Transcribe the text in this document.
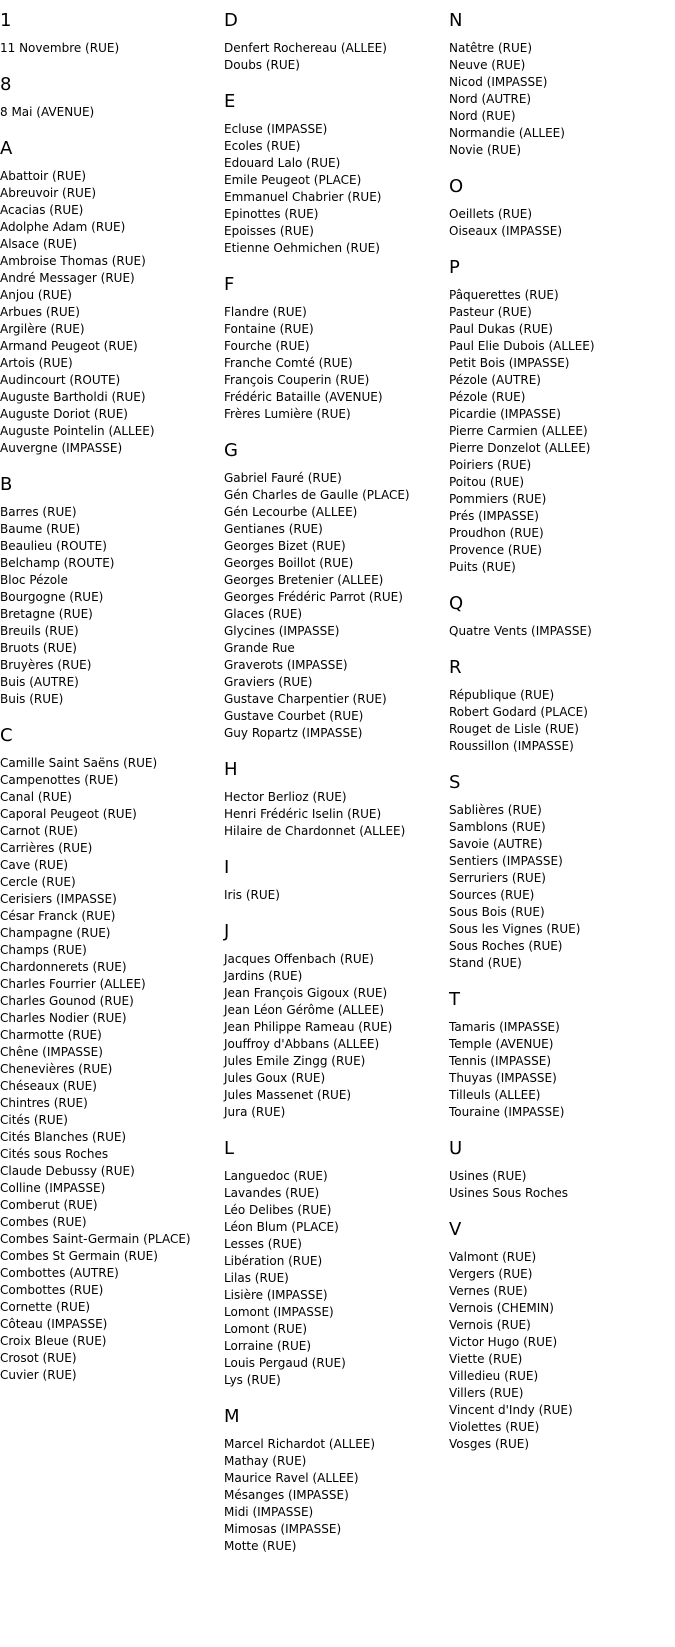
1
11 Novembre (RUE)
8
8 Mai (AVENUE)
A
Abattoir (RUE)
Abreuvoir (RUE)
Acacias (RUE)
Adolphe Adam (RUE)
Alsace (RUE)
Ambroise Thomas (RUE)
André Messager (RUE)
Anjou (RUE)
Arbues (RUE)
Argilère (RUE)
Armand Peugeot (RUE)
Artois (RUE)
Audincourt (ROUTE)
Auguste Bartholdi (RUE)
Auguste Doriot (RUE)
Auguste Pointelin (ALLEE)
Auvergne (IMPASSE)
B
Barres (RUE)
Baume (RUE)
Beaulieu (ROUTE)
Belchamp (ROUTE)
Bloc Pézole
Bourgogne (RUE)
Bretagne (RUE)
Breuils (RUE)
Bruots (RUE)
Bruyères (RUE)
Buis (AUTRE)
Buis (RUE)
C
Camille Saint Saëns (RUE)
Campenottes (RUE)
Canal (RUE)
Caporal Peugeot (RUE)
Carnot (RUE)
Carrières (RUE)
Cave (RUE)
Cercle (RUE)
Cerisiers (IMPASSE)
César Franck (RUE)
Champagne (RUE)
Champs (RUE)
Chardonnerets (RUE)
Charles Fourrier (ALLEE)
Charles Gounod (RUE)
Charles Nodier (RUE)
Charmotte (RUE)
Chêne (IMPASSE)
Chenevières (RUE)
Chéseaux (RUE)
Chintres (RUE)
Cités (RUE)
Cités Blanches (RUE)
Cités sous Roches
Claude Debussy (RUE)
Colline (IMPASSE)
Comberut (RUE)
Combes (RUE)
Combes Saint-Germain (PLACE)
Combes St Germain (RUE)
Combottes (AUTRE)
Combottes (RUE)
Cornette (RUE)
Côteau (IMPASSE)
Croix Bleue (RUE)
Crosot (RUE)
Cuvier (RUE)
D
Denfert Rochereau (ALLEE)
Doubs (RUE)
E
Ecluse (IMPASSE)
Ecoles (RUE)
Edouard Lalo (RUE)
Emile Peugeot (PLACE)
Emmanuel Chabrier (RUE)
Epinottes (RUE)
Epoisses (RUE)
Etienne Oehmichen (RUE)
F
Flandre (RUE)
Fontaine (RUE)
Fourche (RUE)
Franche Comté (RUE)
François Couperin (RUE)
Frédéric Bataille (AVENUE)
Frères Lumière (RUE)
G
Gabriel Fauré (RUE)
Gén Charles de Gaulle (PLACE)
Gén Lecourbe (ALLEE)
Gentianes (RUE)
Georges Bizet (RUE)
Georges Boillot (RUE)
Georges Bretenier (ALLEE)
Georges Frédéric Parrot (RUE)
Glaces (RUE)
Glycines (IMPASSE)
Grande Rue
Graverots (IMPASSE)
Graviers (RUE)
Gustave Charpentier (RUE)
Gustave Courbet (RUE)
Guy Ropartz (IMPASSE)
H
Hector Berlioz (RUE)
Henri Frédéric Iselin (RUE)
Hilaire de Chardonnet (ALLEE)
I
Iris (RUE)
J
Jacques Offenbach (RUE)
Jardins (RUE)
Jean François Gigoux (RUE)
Jean Léon Gérôme (ALLEE)
Jean Philippe Rameau (RUE)
Jouffroy d'Abbans (ALLEE)
Jules Emile Zingg (RUE)
Jules Goux (RUE)
Jules Massenet (RUE)
Jura (RUE)
L
Languedoc (RUE)
Lavandes (RUE)
Léo Delibes (RUE)
Léon Blum (PLACE)
Lesses (RUE)
Libération (RUE)
Lilas (RUE)
Lisière (IMPASSE)
Lomont (IMPASSE)
Lomont (RUE)
Lorraine (RUE)
Louis Pergaud (RUE)
Lys (RUE)
M
Marcel Richardot (ALLEE)
Mathay (RUE)
Maurice Ravel (ALLEE)
Mésanges (IMPASSE)
Midi (IMPASSE)
Mimosas (IMPASSE)
Motte (RUE)
N
Natêtre (RUE)
Neuve (RUE)
Nicod (IMPASSE)
Nord (AUTRE)
Nord (RUE)
Normandie (ALLEE)
Novie (RUE)
O
Oeillets (RUE)
Oiseaux (IMPASSE)
P
Pâquerettes (RUE)
Pasteur (RUE)
Paul Dukas (RUE)
Paul Elie Dubois (ALLEE)
Petit Bois (IMPASSE)
Pézole (AUTRE)
Pézole (RUE)
Picardie (IMPASSE)
Pierre Carmien (ALLEE)
Pierre Donzelot (ALLEE)
Poiriers (RUE)
Poitou (RUE)
Pommiers (RUE)
Prés (IMPASSE)
Proudhon (RUE)
Provence (RUE)
Puits (RUE)
Q
Quatre Vents (IMPASSE)
R
République (RUE)
Robert Godard (PLACE)
Rouget de Lisle (RUE)
Roussillon (IMPASSE)
S
Sablières (RUE)
Samblons (RUE)
Savoie (AUTRE)
Sentiers (IMPASSE)
Serruriers (RUE)
Sources (RUE)
Sous Bois (RUE)
Sous les Vignes (RUE)
Sous Roches (RUE)
Stand (RUE)
T
Tamaris (IMPASSE)
Temple (AVENUE)
Tennis (IMPASSE)
Thuyas (IMPASSE)
Tilleuls (ALLEE)
Touraine (IMPASSE)
U
Usines (RUE)
Usines Sous Roches
V
Valmont (RUE)
Vergers (RUE)
Vernes (RUE)
Vernois (CHEMIN)
Vernois (RUE)
Victor Hugo (RUE)
Viette (RUE)
Villedieu (RUE)
Villers (RUE)
Vincent d'Indy (RUE)
Violettes (RUE)
Vosges (RUE)
